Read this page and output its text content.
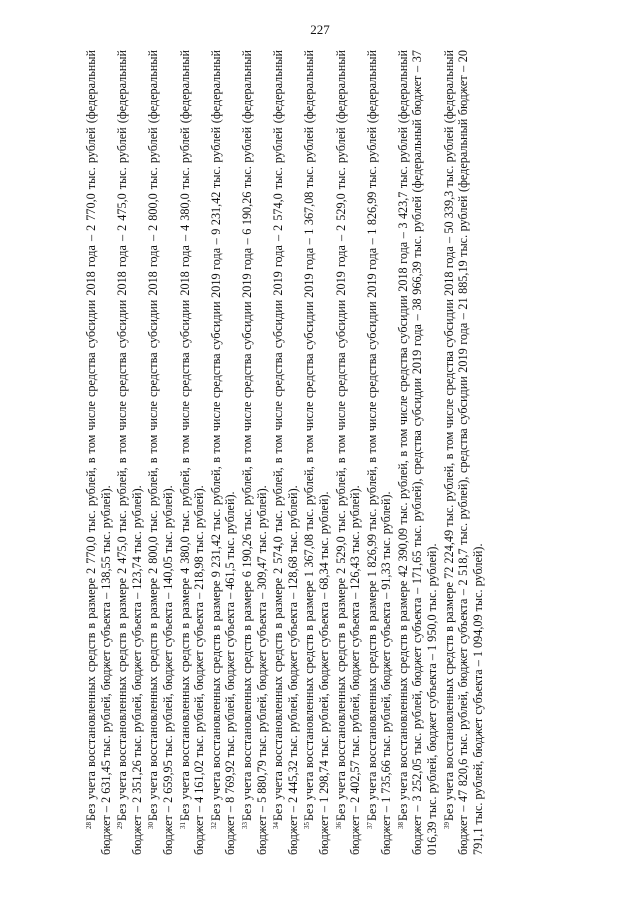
227

$^{28}$Без учета восстановленных средств в размере 2 770,0 тыс. рублей, в том числе средства субсидии 2018 года – 2 770,0 тыс. рублей (федеральный бюджет – 2 631,45 тыс. рублей, бюджет субъекта – 138,55 тыс. рублей). $^{29}$Без учета восстановленных средств в размере 2 475,0 тыс. рублей, в том числе средства субсидии 2018 года – 2 475,0 тыс. рублей (федеральный бюджет – 2 351,26 тыс. рублей, бюджет субъекта – 123,74 тыс. рублей). $^{30}$Без учета восстановленных средств в размере 2 800,0 тыс. рублей, в том числе средства субсидии 2018 года – 2 800,0 тыс. рублей (федеральный бюджет – 2 659,95 тыс. рублей, бюджет субъекта – 140,05 тыс. рублей). $^{31}$Без учета восстановленных средств в размере 4 380,0 тыс. рублей, в том числе средства субсидии 2018 года – 4 380,0 тыс. рублей (федеральный бюджет – 4 161,02 тыс. рублей, бюджет субъекта – 218,98 тыс. рублей). $^{32}$Без учета восстановленных средств в размере 9 231,42 тыс. рублей, в том числе средства субсидии 2019 года – 9 231,42 тыс. рублей (федеральный бюджет – 8 769,92 тыс. рублей, бюджет субъекта – 461,5 тыс. рублей). $^{33}$Без учета восстановленных средств в размере 6 190,26 тыс. рублей, в том числе средства субсидии 2019 года – 6 190,26 тыс. рублей (федеральный бюджет – 5 880,79 тыс. рублей, бюджет субъекта – 309,47 тыс. рублей). $^{34}$Без учета восстановленных средств в размере 2 574,0 тыс. рублей, в том числе средства субсидии 2019 года – 2 574,0 тыс. рублей (федеральный бюджет – 2 445,32 тыс. рублей, бюджет субъекта – 128,68 тыс. рублей). $^{35}$Без учета восстановленных средств в размере 1 367,08 тыс. рублей, в том числе средства субсидии 2019 года – 1 367,08 тыс. рублей (федеральный бюджет – 1 298,74 тыс. рублей, бюджет субъекта – 68,34 тыс. рублей). $^{36}$Без учета восстановленных средств в размере 2 529,0 тыс. рублей, в том числе средства субсидии 2019 года – 2 529,0 тыс. рублей (федеральный бюджет – 2 402,57 тыс. рублей, бюджет субъекта – 126,43 тыс. рублей). $^{37}$Без учета восстановленных средств в размере 1 826,99 тыс. рублей, в том числе средства субсидии 2019 года – 1 826,99 тыс. рублей (федеральный бюджет – 1 735,66 тыс. рублей, бюджет субъекта – 91,33 тыс. рублей). $^{38}$Без учета восстановленных средств в размере 42 390,09 тыс. рублей, в том числе средства субсидии 2018 года – 3 423,7 тыс. рублей (федеральный бюджет – 3 252,05 тыс. рублей, бюджет субъекта – 171,65 тыс. рублей), средства субсидии 2019 года – 38 966,39 тыс. рублей (федеральный бюджет – 37 016,39 тыс. рублей, бюджет субъекта – 1 950,0 тыс. рублей). $^{39}$Без учета восстановленных средств в размере 72 224,49 тыс. рублей, в том числе средства субсидии 2018 года – 50 339,3 тыс. рублей (федеральный бюджет – 47 820,6 тыс. рублей, бюджет субъекта – 2 518,7 тыс. рублей), средства субсидии 2019 года – 21 885,19 тыс. рублей (федеральный бюджет – 20 791,1 тыс. рублей, бюджет субъекта – 1 094,09 тыс. рублей).
